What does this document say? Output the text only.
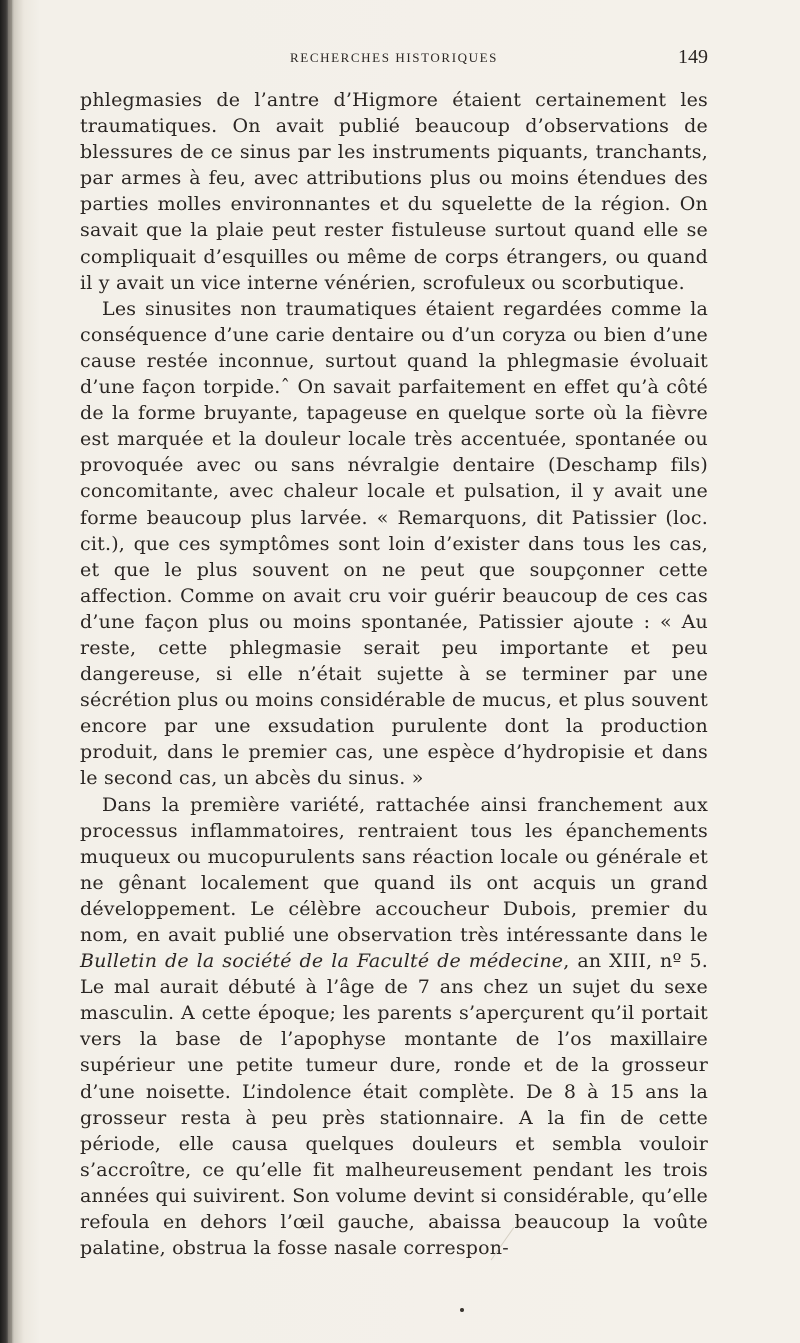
RECHERCHES HISTORIQUES	149

phlegmasies de l’antre d’Higmore étaient certainement les traumatiques. On avait publié beaucoup d’observations de blessures de ce sinus par les instruments piquants, tranchants, par armes à feu, avec attributions plus ou moins étendues des parties molles environnantes et du squelette de la région. On savait que la plaie peut rester fistuleuse surtout quand elle se compliquait d’esquilles ou même de corps étrangers, ou quand il y avait un vice interne vénérien, scrofuleux ou scorbutique.

Les sinusites non traumatiques étaient regardées comme la conséquence d’une carie dentaire ou d’un coryza ou bien d’une cause restée inconnue, surtout quand la phlegmasie évoluait d’une façon torpide.ˆ On savait parfaitement en effet qu’à côté de la forme bruyante, tapageuse en quelque sorte où la fièvre est marquée et la douleur locale très accentuée, spontanée ou provoquée avec ou sans névralgie dentaire (Deschamp fils) concomitante, avec chaleur locale et pulsation, il y avait une forme beaucoup plus larvée. « Remarquons, dit Patissier (loc. cit.), que ces symptômes sont loin d’exister dans tous les cas, et que le plus souvent on ne peut que soupçonner cette affection. Comme on avait cru voir guérir beaucoup de ces cas d’une façon plus ou moins spontanée, Patissier ajoute : « Au reste, cette phlegmasie serait peu importante et peu dangereuse, si elle n’était sujette à se terminer par une sécrétion plus ou moins considérable de mucus, et plus souvent encore par une exsudation purulente dont la production produit, dans le premier cas, une espèce d’hydropisie et dans le second cas, un abcès du sinus. »

Dans la première variété, rattachée ainsi franchement aux processus inflammatoires, rentraient tous les épanchements muqueux ou mucopurulents sans réaction locale ou générale et ne gênant localement que quand ils ont acquis un grand développement. Le célèbre accoucheur Dubois, premier du nom, en avait publié une observation très intéressante dans le Bulletin de la société de la Faculté de médecine, an XIII, nº 5. Le mal aurait débuté à l’âge de 7 ans chez un sujet du sexe masculin. A cette époque; les parents s’aperçurent qu’il portait vers la base de l’apophyse montante de l’os maxillaire supérieur une petite tumeur dure, ronde et de la grosseur d’une noisette. L’indolence était complète. De 8 à 15 ans la grosseur resta à peu près stationnaire. A la fin de cette période, elle causa quelques douleurs et sembla vouloir s’accroître, ce qu’elle fit malheureusement pendant les trois années qui suivirent. Son volume devint si considérable, qu’elle refoula en dehors l’œil gauche, abaissa beaucoup la voûte palatine, obstrua la fosse nasale correspon-
